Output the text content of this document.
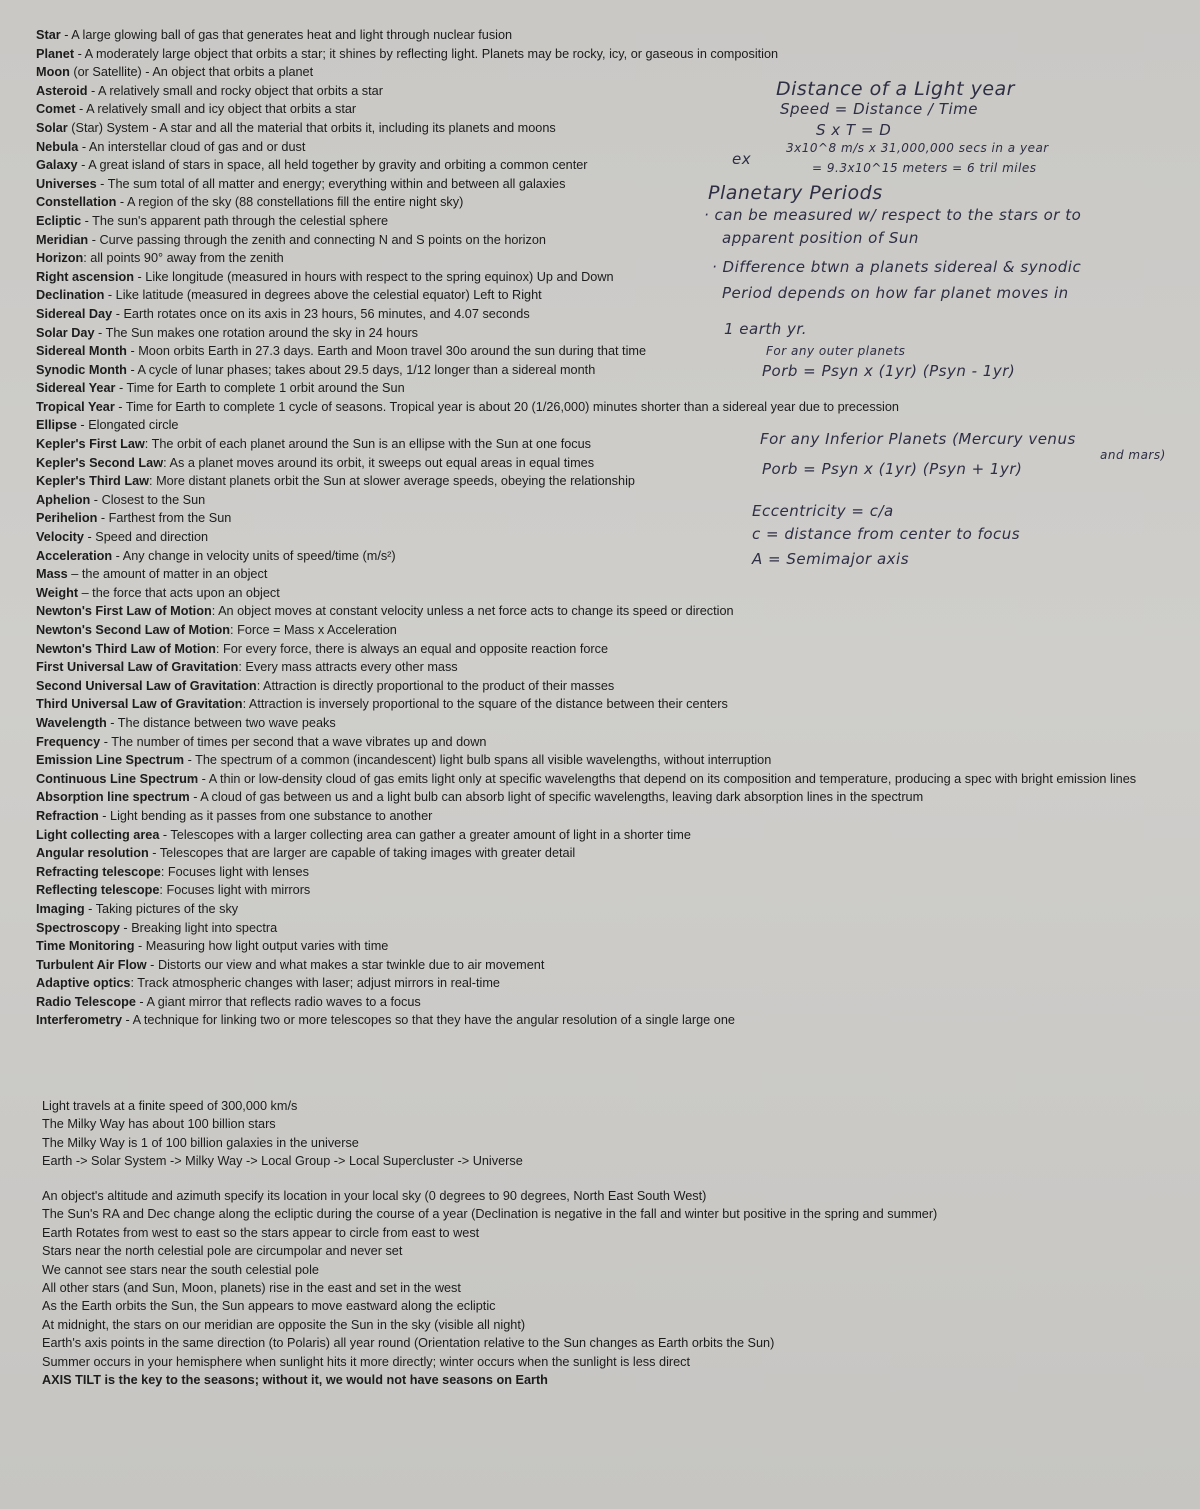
Star - A large glowing ball of gas that generates heat and light through nuclear fusion
Planet - A moderately large object that orbits a star; it shines by reflecting light. Planets may be rocky, icy, or gaseous in composition
Moon (or Satellite) - An object that orbits a planet
Asteroid - A relatively small and rocky object that orbits a star
Comet - A relatively small and icy object that orbits a star
Solar (Star) System - A star and all the material that orbits it, including its planets and moons
Nebula - An interstellar cloud of gas and or dust
Galaxy - A great island of stars in space, all held together by gravity and orbiting a common center
Universes - The sum total of all matter and energy; everything within and between all galaxies
Constellation - A region of the sky (88 constellations fill the entire night sky)
Ecliptic - The sun's apparent path through the celestial sphere
Meridian - Curve passing through the zenith and connecting N and S points on the horizon
Horizon: all points 90° away from the zenith
Right ascension - Like longitude (measured in hours with respect to the spring equinox) Up and Down
Declination - Like latitude (measured in degrees above the celestial equator) Left to Right
Sidereal Day - Earth rotates once on its axis in 23 hours, 56 minutes, and 4.07 seconds
Solar Day - The Sun makes one rotation around the sky in 24 hours
Sidereal Month - Moon orbits Earth in 27.3 days. Earth and Moon travel 30o around the sun during that time
Synodic Month - A cycle of lunar phases; takes about 29.5 days, 1/12 longer than a sidereal month
Sidereal Year - Time for Earth to complete 1 orbit around the Sun
Tropical Year - Time for Earth to complete 1 cycle of seasons. Tropical year is about 20 (1/26,000) minutes shorter than a sidereal year due to precession
Ellipse - Elongated circle
Kepler's First Law: The orbit of each planet around the Sun is an ellipse with the Sun at one focus
Kepler's Second Law: As a planet moves around its orbit, it sweeps out equal areas in equal times
Kepler's Third Law: More distant planets orbit the Sun at slower average speeds, obeying the relationship
Aphelion - Closest to the Sun
Perihelion - Farthest from the Sun
Velocity - Speed and direction
Acceleration - Any change in velocity units of speed/time (m/s²)
Mass – the amount of matter in an object
Weight – the force that acts upon an object
Newton's First Law of Motion: An object moves at constant velocity unless a net force acts to change its speed or direction
Newton's Second Law of Motion: Force = Mass x Acceleration
Newton's Third Law of Motion: For every force, there is always an equal and opposite reaction force
First Universal Law of Gravitation: Every mass attracts every other mass
Second Universal Law of Gravitation: Attraction is directly proportional to the product of their masses
Third Universal Law of Gravitation: Attraction is inversely proportional to the square of the distance between their centers
Wavelength - The distance between two wave peaks
Frequency - The number of times per second that a wave vibrates up and down
Emission Line Spectrum - The spectrum of a common (incandescent) light bulb spans all visible wavelengths, without interruption
Continuous Line Spectrum - A thin or low-density cloud of gas emits light only at specific wavelengths that depend on its composition and temperature, producing a spec with bright emission lines
Absorption line spectrum - A cloud of gas between us and a light bulb can absorb light of specific wavelengths, leaving dark absorption lines in the spectrum
Refraction - Light bending as it passes from one substance to another
Light collecting area - Telescopes with a larger collecting area can gather a greater amount of light in a shorter time
Angular resolution - Telescopes that are larger are capable of taking images with greater detail
Refracting telescope: Focuses light with lenses
Reflecting telescope: Focuses light with mirrors
Imaging - Taking pictures of the sky
Spectroscopy - Breaking light into spectra
Time Monitoring - Measuring how light output varies with time
Turbulent Air Flow - Distorts our view and what makes a star twinkle due to air movement
Adaptive optics: Track atmospheric changes with laser; adjust mirrors in real-time
Radio Telescope - A giant mirror that reflects radio waves to a focus
Interferometry - A technique for linking two or more telescopes so that they have the angular resolution of a single large one
Light travels at a finite speed of 300,000 km/s
The Milky Way has about 100 billion stars
The Milky Way is 1 of 100 billion galaxies in the universe
Earth -> Solar System -> Milky Way -> Local Group -> Local Supercluster -> Universe
An object's altitude and azimuth specify its location in your local sky (0 degrees to 90 degrees, North East South West)
The Sun's RA and Dec change along the ecliptic during the course of a year (Declination is negative in the fall and winter but positive in the spring and summer)
Earth Rotates from west to east so the stars appear to circle from east to west
Stars near the north celestial pole are circumpolar and never set
We cannot see stars near the south celestial pole
All other stars (and Sun, Moon, planets) rise in the east and set in the west
As the Earth orbits the Sun, the Sun appears to move eastward along the ecliptic
At midnight, the stars on our meridian are opposite the Sun in the sky (visible all night)
Earth's axis points in the same direction (to Polaris) all year round (Orientation relative to the Sun changes as Earth orbits the Sun)
Summer occurs in your hemisphere when sunlight hits it more directly; winter occurs when the sunlight is less direct
AXIS TILT is the key to the seasons; without it, we would not have seasons on Earth
Distance of a Light year
Speed = Distance / Time
S x T = D
ex
3x10^8 m/s x 31,000,000 secs in a year
= 9.3x10^15 meters = 6 tril miles
Planetary Periods
· can be measured w/ respect to the stars or to
apparent position of Sun
· Difference btwn a planets sidereal & synodic
Period depends on how far planet moves in
1 earth yr.
For any outer planets
Porb = Psyn x (1yr) (Psyn - 1yr)
For any Inferior Planets (Mercury venus
and mars)
Porb = Psyn x (1yr) (Psyn + 1yr)
Eccentricity = c/a
c = distance from center to focus
A = Semimajor axis
